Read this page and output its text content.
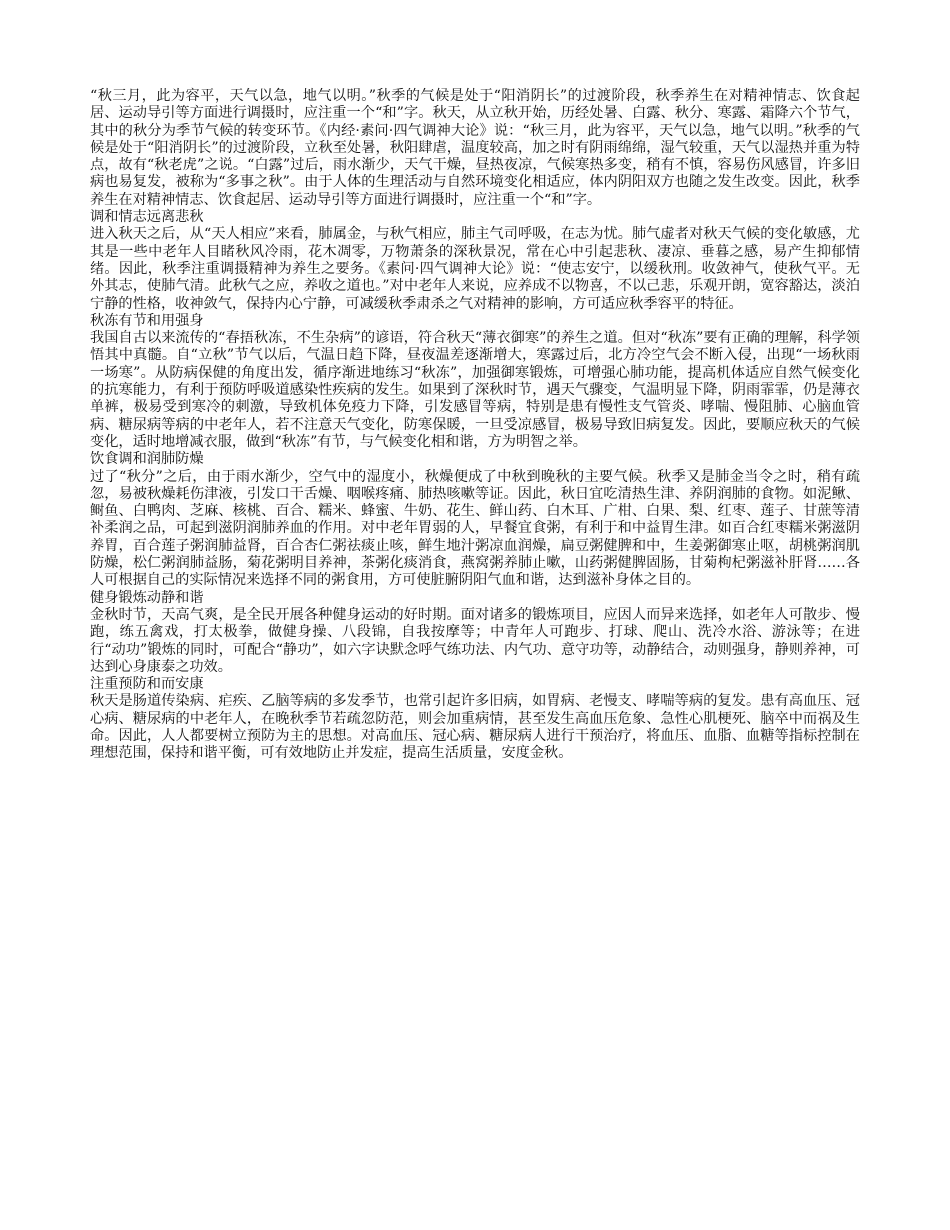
“秋三月，此为容平，天气以急，地气以明。”秋季的气候是处于“阳消阴长”的过渡阶段，秋季养生在对精神情志、饮食起居、运动导引等方面进行调摄时，应注重一个“和”字。秋天，从立秋开始，历经处暑、白露、秋分、寒露、霜降六个节气，其中的秋分为季节气候的转变环节。《内经·素问·四气调神大论》说：“秋三月，此为容平，天气以急，地气以明。”秋季的气候是处于“阳消阴长”的过渡阶段，立秋至处暑，秋阳肆虐，温度较高，加之时有阴雨绵绵，湿气较重，天气以湿热并重为特点，故有“秋老虎”之说。“白露”过后，雨水渐少，天气干燥，昼热夜凉，气候寒热多变，稍有不慎，容易伤风感冒，许多旧病也易复发，被称为“多事之秋”。由于人体的生理活动与自然环境变化相适应，体内阴阳双方也随之发生改变。因此，秋季养生在对精神情志、饮食起居、运动导引等方面进行调摄时，应注重一个“和”字。

调和情志远离悲秋

进入秋天之后，从“天人相应”来看，肺属金，与秋气相应，肺主气司呼吸，在志为忧。肺气虚者对秋天气候的变化敏感，尤其是一些中老年人目睹秋风冷雨，花木凋零，万物萧条的深秋景况，常在心中引起悲秋、凄凉、垂暮之感，易产生抑郁情绪。因此，秋季注重调摄精神为养生之要务。《素问·四气调神大论》说：“使志安宁，以缓秋刑。收敛神气，使秋气平。无外其志，使肺气清。此秋气之应，养收之道也。”对中老年人来说，应养成不以物喜，不以己悲，乐观开朗，宽容豁达，淡泊宁静的性格，收神敛气，保持内心宁静，可减缓秋季肃杀之气对精神的影响，方可适应秋季容平的特征。

秋冻有节和用强身

我国自古以来流传的“春捂秋冻，不生杂病”的谚语，符合秋天“薄衣御寒”的养生之道。但对“秋冻”要有正确的理解，科学领悟其中真髓。自“立秋”节气以后，气温日趋下降，昼夜温差逐渐增大，寒露过后，北方冷空气会不断入侵，出现“一场秋雨一场寒”。从防病保健的角度出发，循序渐进地练习“秋冻”，加强御寒锻炼，可增强心肺功能，提高机体适应自然气候变化的抗寒能力，有利于预防呼吸道感染性疾病的发生。如果到了深秋时节，遇天气骤变，气温明显下降，阴雨霏霏，仍是薄衣单裤，极易受到寒冷的刺激，导致机体免疫力下降，引发感冒等病，特别是患有慢性支气管炎、哮喘、慢阻肺、心脑血管病、糖尿病等病的中老年人，若不注意天气变化，防寒保暖，一旦受凉感冒，极易导致旧病复发。因此，要顺应秋天的气候变化，适时地增减衣服，做到“秋冻”有节，与气候变化相和谐，方为明智之举。

饮食调和润肺防燥

过了“秋分”之后，由于雨水渐少，空气中的湿度小，秋燥便成了中秋到晚秋的主要气候。秋季又是肺金当令之时，稍有疏忽，易被秋燥耗伤津液，引发口干舌燥、咽喉疼痛、肺热咳嗽等证。因此，秋日宜吃清热生津、养阴润肺的食物。如泥鳅、鲥鱼、白鸭肉、芝麻、核桃、百合、糯米、蜂蜜、牛奶、花生、鲜山药、白木耳、广柑、白果、梨、红枣、莲子、甘蔗等清补柔润之品，可起到滋阴润肺养血的作用。对中老年胃弱的人，早餐宜食粥，有利于和中益胃生津。如百合红枣糯米粥滋阴养胃，百合莲子粥润肺益肾，百合杏仁粥祛痰止咳，鲜生地汁粥凉血润燥，扁豆粥健脾和中，生姜粥御寒止呕，胡桃粥润肌防燥，松仁粥润肺益肠，菊花粥明目养神，茶粥化痰消食，燕窝粥养肺止嗽，山药粥健脾固肠，甘菊枸杞粥滋补肝肾……各人可根据自己的实际情况来选择不同的粥食用，方可使脏腑阴阳气血和谐，达到滋补身体之目的。

健身锻炼动静和谐

金秋时节，天高气爽，是全民开展各种健身运动的好时期。面对诸多的锻炼项目，应因人而异来选择，如老年人可散步、慢跑，练五禽戏，打太极拳，做健身操、八段锦，自我按摩等；中青年人可跑步、打球、爬山、洗冷水浴、游泳等；在进行“动功”锻炼的同时，可配合“静功”，如六字诀默念呼气练功法、内气功、意守功等，动静结合，动则强身，静则养神，可达到心身康泰之功效。

注重预防和而安康

秋天是肠道传染病、疟疾、乙脑等病的多发季节，也常引起许多旧病，如胃病、老慢支、哮喘等病的复发。患有高血压、冠心病、糖尿病的中老年人，在晚秋季节若疏忽防范，则会加重病情，甚至发生高血压危象、急性心肌梗死、脑卒中而祸及生命。因此，人人都要树立预防为主的思想。对高血压、冠心病、糖尿病人进行干预治疗，将血压、血脂、血糖等指标控制在理想范围，保持和谐平衡，可有效地防止并发症，提高生活质量，安度金秋。
